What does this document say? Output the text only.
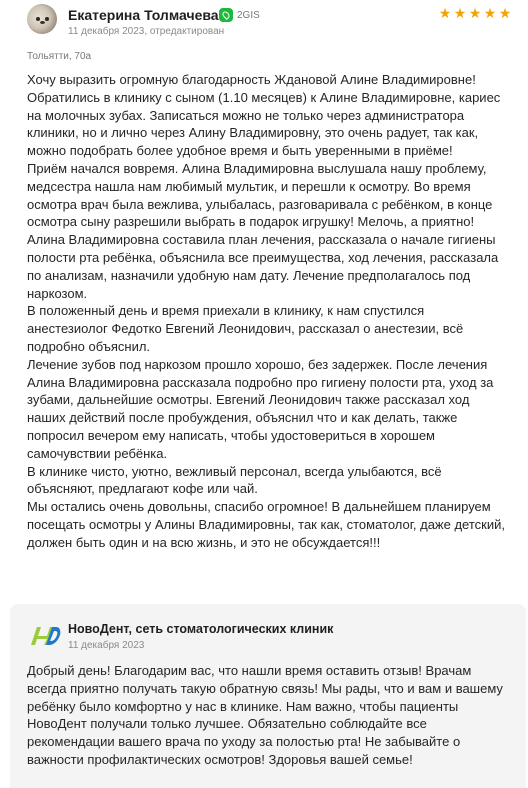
Екатерина Толмачева 2GIS
11 декабря 2023, отредактирован
★ ★ ★ ★ ★
Тольятти, 70а

Хочу выразить огромную благодарность Ждановой Алине Владимировне! Обратились в клинику с сыном (1.10 месяцев) к Алине Владимировне, кариес на молочных зубах. Записаться можно не только через администратора клиники, но и лично через Алину Владимировну, это очень радует, так как, можно подобрать более удобное время и быть уверенными в приёме!

Приём начался вовремя. Алина Владимировна выслушала нашу проблему, медсестра нашла нам любимый мультик, и перешли к осмотру. Во время осмотра врач была вежлива, улыбалась, разговаривала с ребёнком, в конце осмотра сыну разрешили выбрать в подарок игрушку! Мелочь, а приятно!

Алина Владимировна составила план лечения, рассказала о начале гигиены полости рта ребёнка, объяснила все преимущества, ход лечения, рассказала по анализам, назначили удобную нам дату. Лечение предполагалось под наркозом.

В положенный день и время приехали в клинику, к нам спустился анестезиолог Федотко Евгений Леонидович, рассказал о анестезии, всё подробно объяснил.

Лечение зубов под наркозом прошло хорошо, без задержек. После лечения Алина Владимировна рассказала подробно про гигиену полости рта, уход за зубами, дальнейшие осмотры. Евгений Леонидович также рассказал ход наших действий после пробуждения, объяснил что и как делать, также попросил вечером ему написать, чтобы удостовериться в хорошем самочувствии ребёнка.

В клинике чисто, уютно, вежливый персонал, всегда улыбаются, всё объясняют, предлагают кофе или чай.

Мы остались очень довольны, спасибо огромное! В дальнейшем планируем посещать осмотры у Алины Владимировны, так как, стоматолог, даже детский, должен быть один и на всю жизнь, и это не обсуждается!!!

НовоДент, сеть стоматологических клиник
11 декабря 2023
Добрый день! Благодарим вас, что нашли время оставить отзыв! Врачам всегда приятно получать такую обратную связь! Мы рады, что и вам и вашему ребёнку было комфортно у нас в клинике. Нам важно, чтобы пациенты НовоДент получали только лучшее. Обязательно соблюдайте все рекомендации вашего врача по уходу за полостью рта! Не забывайте о важности профилактических осмотров! Здоровья вашей семье!
